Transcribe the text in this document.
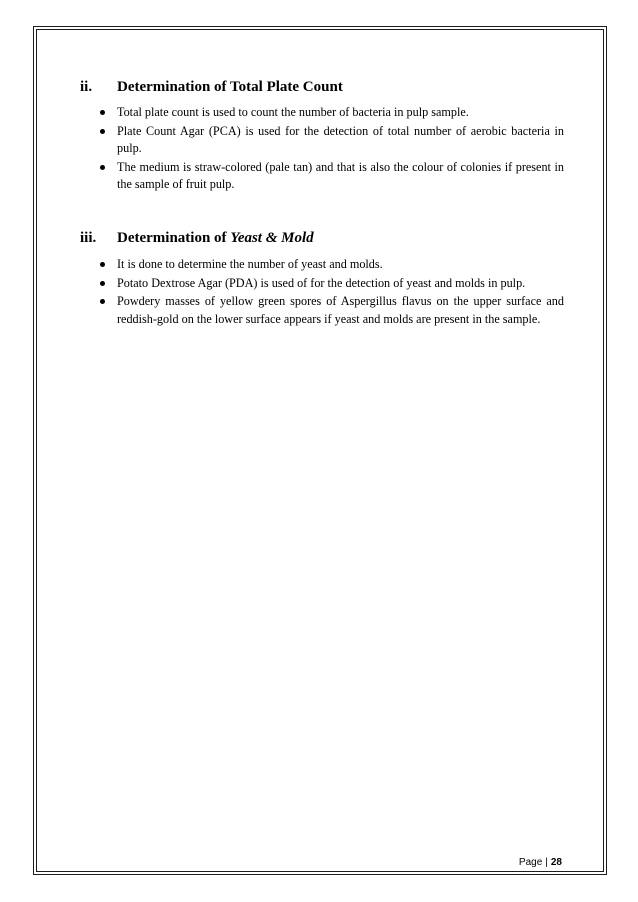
ii. Determination of Total Plate Count
Total plate count is used to count the number of bacteria in pulp sample.
Plate Count Agar (PCA) is used for the detection of total number of aerobic bacteria in pulp.
The medium is straw-colored (pale tan) and that is also the colour of colonies if present in the sample of fruit pulp.
iii. Determination of Yeast & Mold
It is done to determine the number of yeast and molds.
Potato Dextrose Agar (PDA) is used of for the detection of yeast and molds in pulp.
Powdery masses of yellow green spores of Aspergillus flavus on the upper surface and reddish-gold on the lower surface appears if yeast and molds are present in the sample.
Page | 28
